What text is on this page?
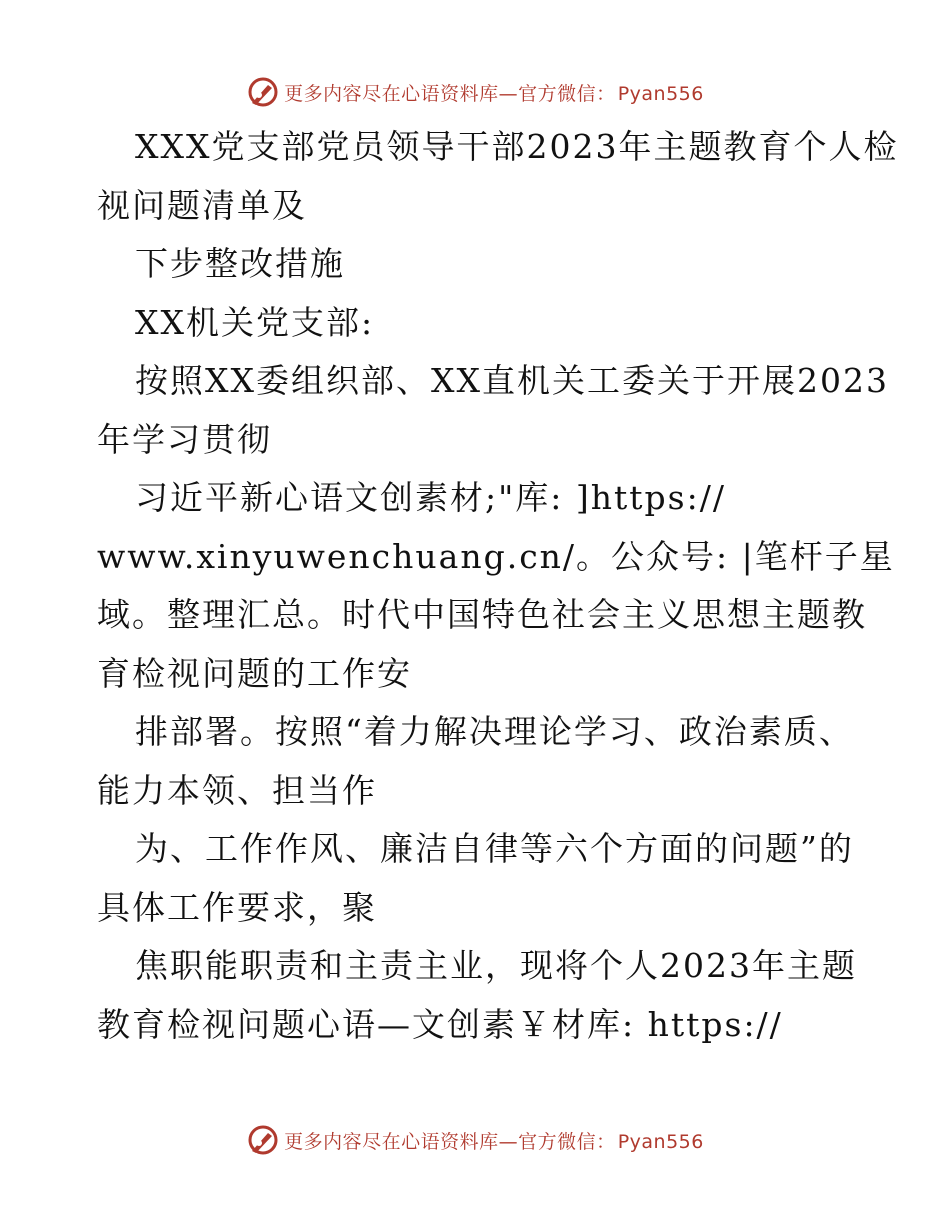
更多内容尽在心语资料库—官方微信： Pyan556
XXX党支部党员领导干部2023年主题教育个人检
视问题清单及
下步整改措施
XX机关党支部:
按照XX委组织部、XX直机关工委关于开展2023
年学习贯彻
习近平新心语文创素材;"库: ]https://
www.xinyuwenchuang.cn/。公众号: |笔杆子星
域。整理汇总。时代中国特色社会主义思想主题教
育检视问题的工作安
排部署。按照“着力解决理论学习、政治素质、
能力本领、担当作
为、工作作风、廉洁自律等六个方面的问题”的
具体工作要求，聚
焦职能职责和主责主业，现将个人2023年主题
教育检视问题心语—文创素￥材库: https://
更多内容尽在心语资料库—官方微信： Pyan556
